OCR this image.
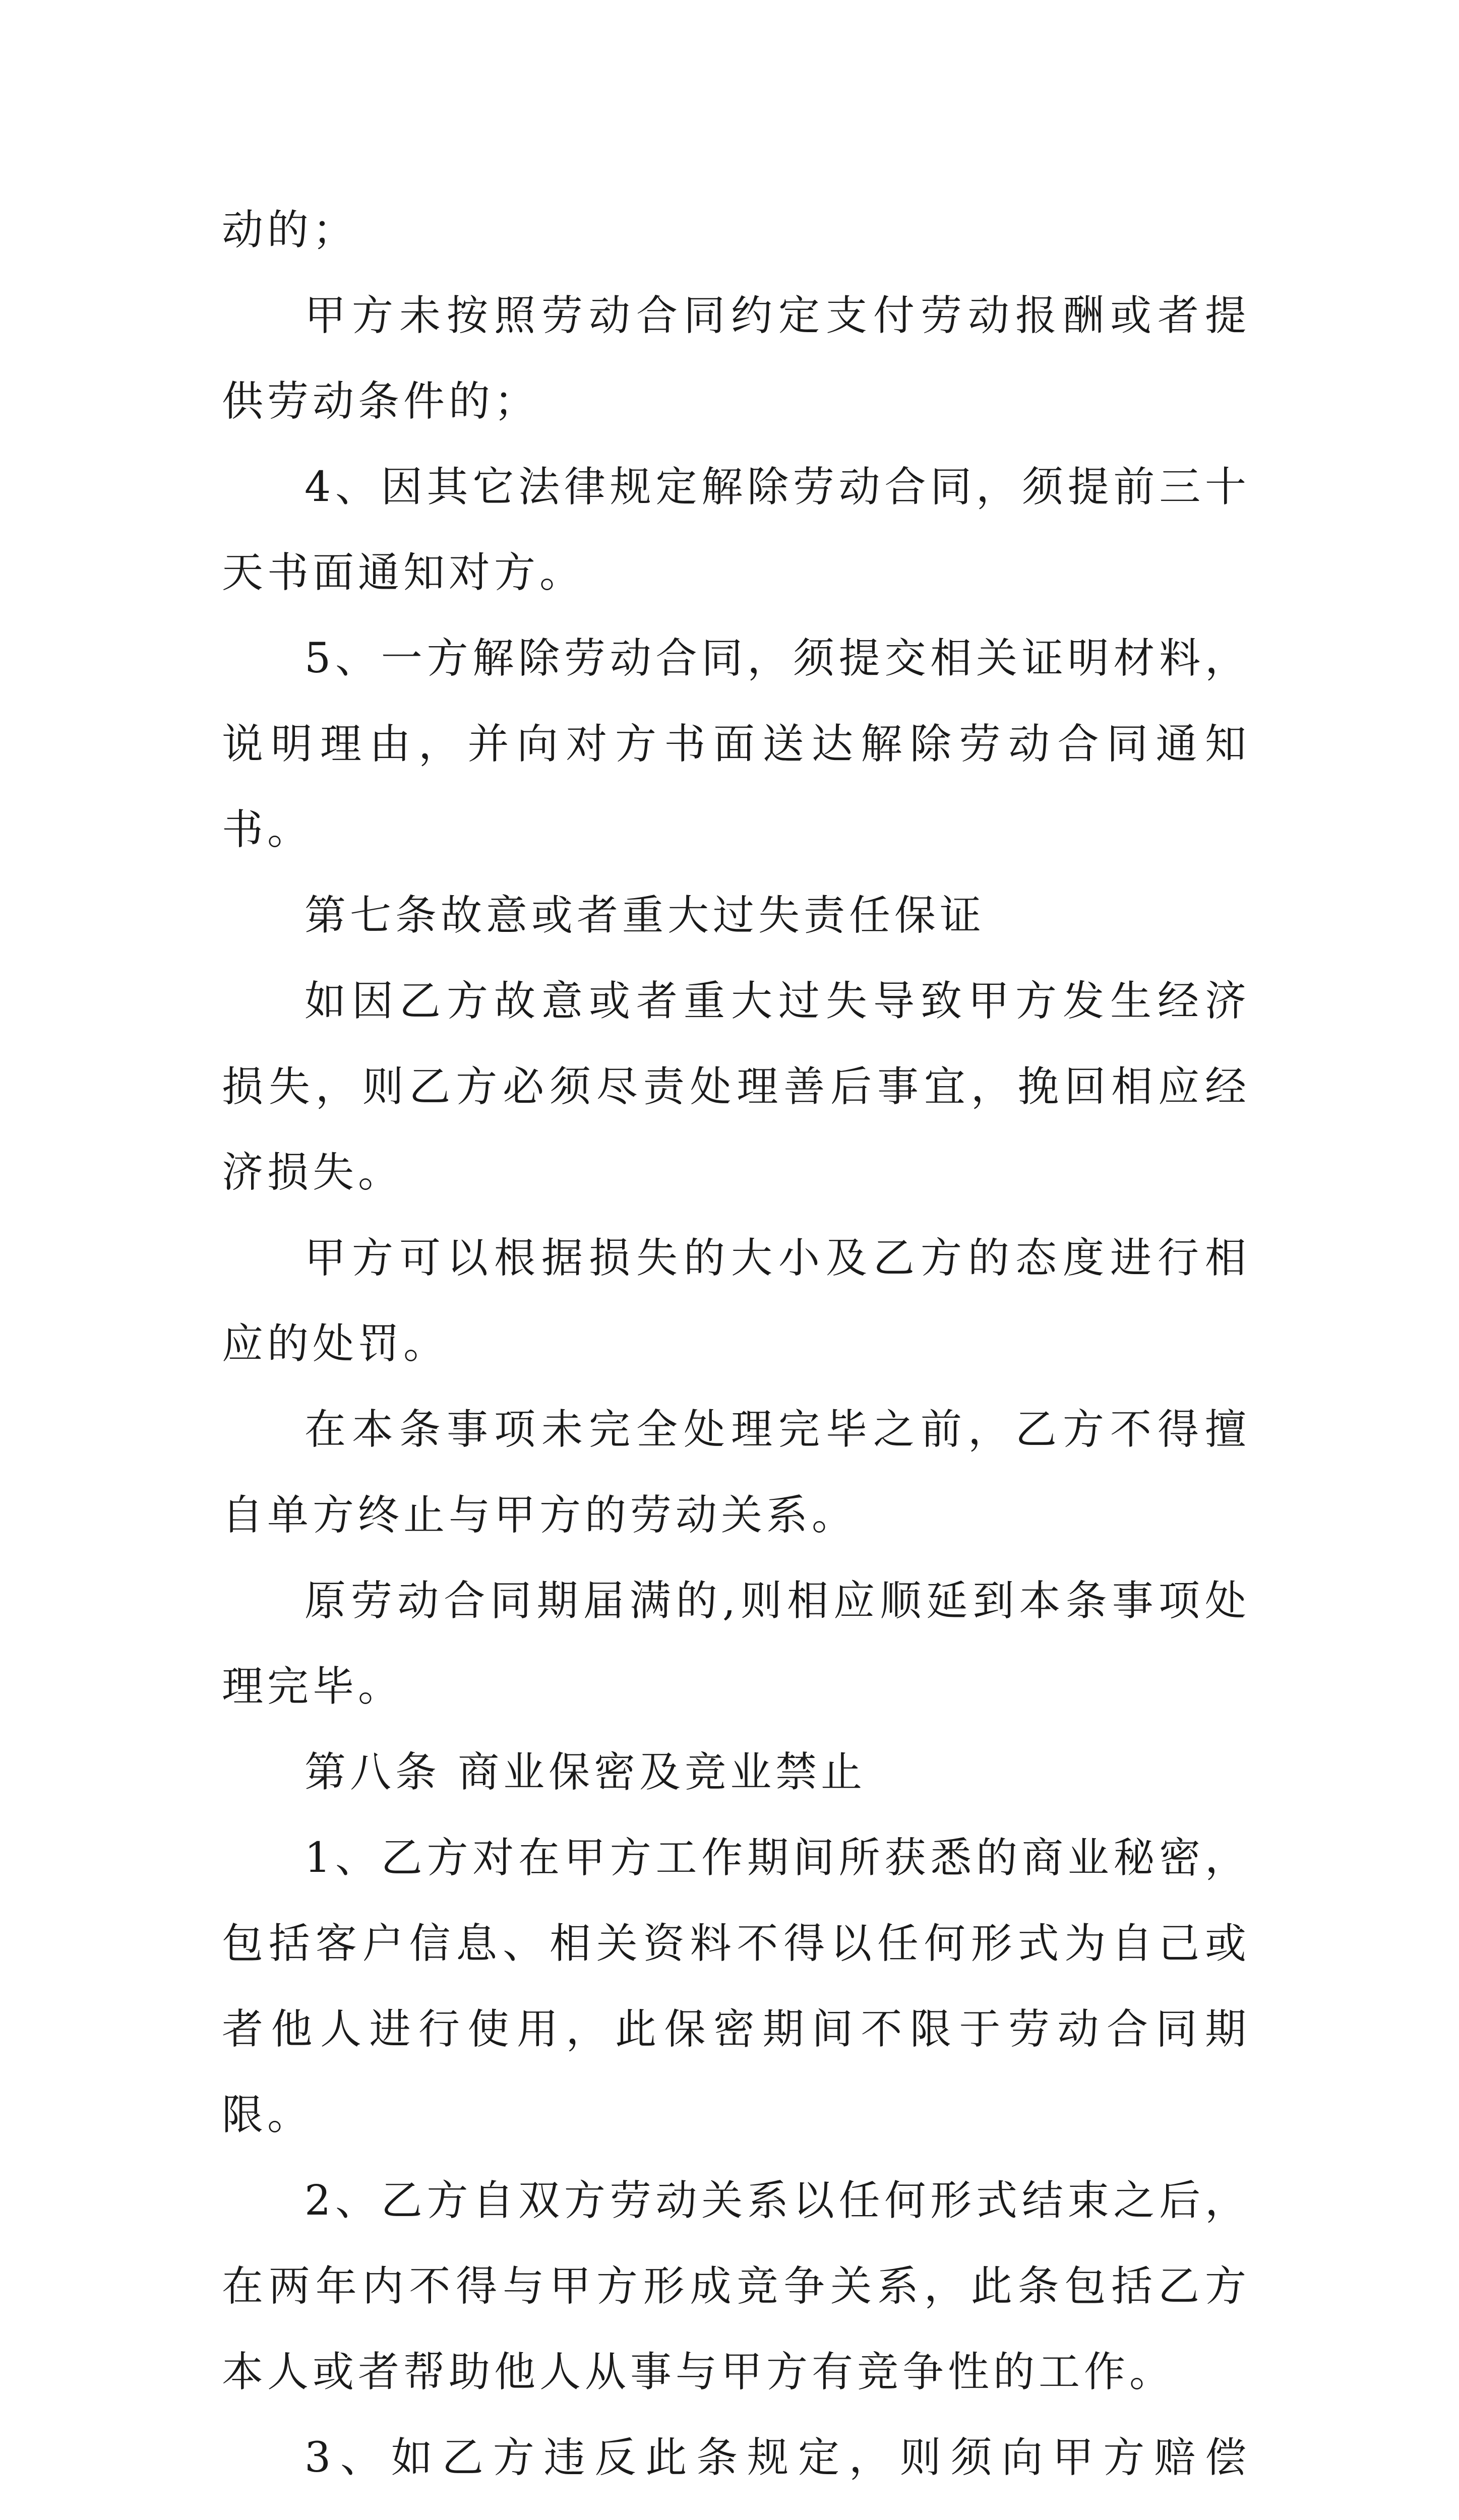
动的；

甲方未按照劳动合同约定支付劳动报酬或者提供劳动条件的；

4、因其它法律规定解除劳动合同，须提前三十天书面通知对方。

5、一方解除劳动合同，须提交相关证明材料，说明理由，并向对方书面送达解除劳动合同通知书。

第七条故意或者重大过失责任保证

如因乙方故意或者重大过失导致甲方发生经济损失，则乙方必须尽责处理善后事宜，挽回相应经济损失。

甲方可以根据损失的大小及乙方的态度进行相应的处罚。

在本条事项未完全处理完毕之前，乙方不得擅自单方终止与甲方的劳动关系。

原劳动合同期届满的,则相应顺延到本条事项处理完毕。

第八条 商业保密及竞业禁止

1、乙方对在甲方工作期间所获悉的商业秘密，包括客户信息、相关资料不得以任何形式为自己或者他人进行使用，此保密期间不限于劳动合同期限。

2、乙方自双方劳动关系以任何形式结束之后，在两年内不得与甲方形成竞争关系，此条包括乙方本人或者帮助他人从事与甲方有竞争性的工作。

3、如乙方违反此条规定，则须向甲方赔偿
